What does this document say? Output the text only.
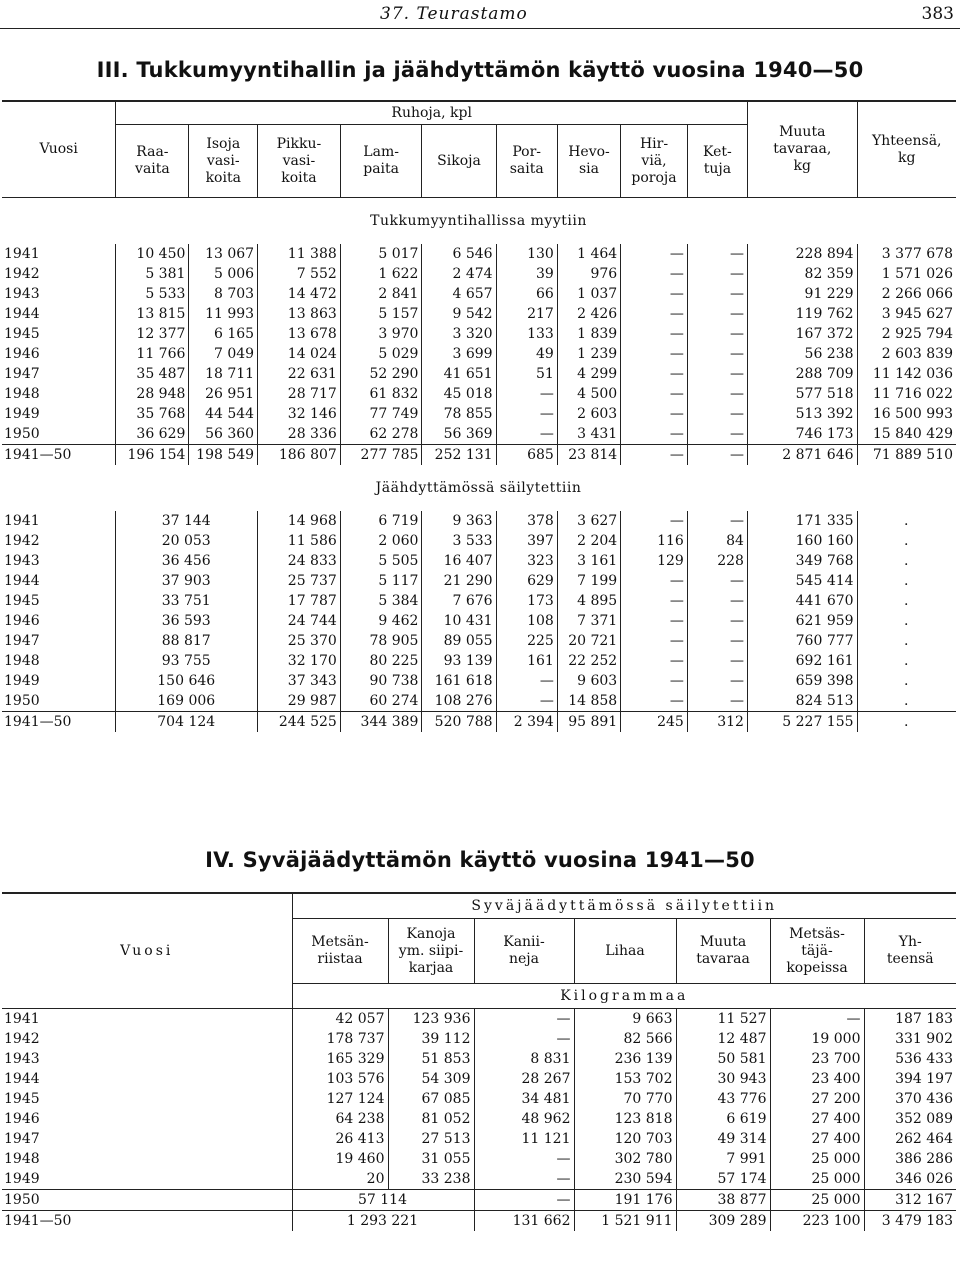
37. Teurastamo	383
III. Tukkumyyntihallin ja jäähdyttämön käyttö vuosina 1940—50
Vuosi	Ruhoja, kpl									Muuta
tavaraa,
kg	Yhteensä,
kg
	Raa-
vaita	Isoja
vasi-
koita	Pikku-
vasi-
koita	Lam-
paita	Sikoja	Por-
saita	Hevo-
sia	Hir-
viä,
poroja	Ket-
tuja		
Tukkumyyntihallissa myytiin											
1941	10 450	13 067	11 388	5 017	6 546	130	1 464	—	—	228 894	3 377 678
1942	5 381	5 006	7 552	1 622	2 474	39	976	—	—	82 359	1 571 026
1943	5 533	8 703	14 472	2 841	4 657	66	1 037	—	—	91 229	2 266 066
1944	13 815	11 993	13 863	5 157	9 542	217	2 426	—	—	119 762	3 945 627
1945	12 377	6 165	13 678	3 970	3 320	133	1 839	—	—	167 372	2 925 794
1946	11 766	7 049	14 024	5 029	3 699	49	1 239	—	—	56 238	2 603 839
1947	35 487	18 711	22 631	52 290	41 651	51	4 299	—	—	288 709	11 142 036
1948	28 948	26 951	28 717	61 832	45 018	—	4 500	—	—	577 518	11 716 022
1949	35 768	44 544	32 146	77 749	78 855	—	2 603	—	—	513 392	16 500 993
1950	36 629	56 360	28 336	62 278	56 369	—	3 431	—	—	746 173	15 840 429
1941—50	196 154	198 549	186 807	277 785	252 131	685	23 814	—	—	2 871 646	71 889 510
Jäähdyttämössä säilytettiin											
1941	37 144		14 968	6 719	9 363	378	3 627	—	—	171 335	.
1942	20 053		11 586	2 060	3 533	397	2 204	116	84	160 160	.
1943	36 456		24 833	5 505	16 407	323	3 161	129	228	349 768	.
1944	37 903		25 737	5 117	21 290	629	7 199	—	—	545 414	.
1945	33 751		17 787	5 384	7 676	173	4 895	—	—	441 670	.
1946	36 593		24 744	9 462	10 431	108	7 371	—	—	621 959	.
1947	88 817		25 370	78 905	89 055	225	20 721	—	—	760 777	.
1948	93 755		32 170	80 225	93 139	161	22 252	—	—	692 161	.
1949	150 646		37 343	90 738	161 618	—	9 603	—	—	659 398	.
1950	169 006		29 987	60 274	108 276	—	14 858	—	—	824 513	.
1941—50	704 124		244 525	344 389	520 788	2 394	95 891	245	312	5 227 155	.
IV. Syväjäädyttämön käyttö vuosina 1941—50
Vuosi	Syväjäädyttämössä säilytettiin						
	Metsän-
riistaa	Kanoja
ym. siipi-
karjaa	Kanii-
neja	Lihaa	Muuta
tavaraa	Metsäs-
täjä-
kopeissa	Yh-
teensä
	Kilogrammaa						
1941	42 057	123 936	—	9 663	11 527	—	187 183
1942	178 737	39 112	—	82 566	12 487	19 000	331 902
1943	165 329	51 853	8 831	236 139	50 581	23 700	536 433
1944	103 576	54 309	28 267	153 702	30 943	23 400	394 197
1945	127 124	67 085	34 481	70 770	43 776	27 200	370 436
1946	64 238	81 052	48 962	123 818	6 619	27 400	352 089
1947	26 413	27 513	11 121	120 703	49 314	27 400	262 464
1948	19 460	31 055	—	302 780	7 991	25 000	386 286
1949	20	33 238	—	230 594	57 174	25 000	346 026
1950	57 114		—	191 176	38 877	25 000	312 167
1941—50	1 293 221		131 662	1 521 911	309 289	223 100	3 479 183
